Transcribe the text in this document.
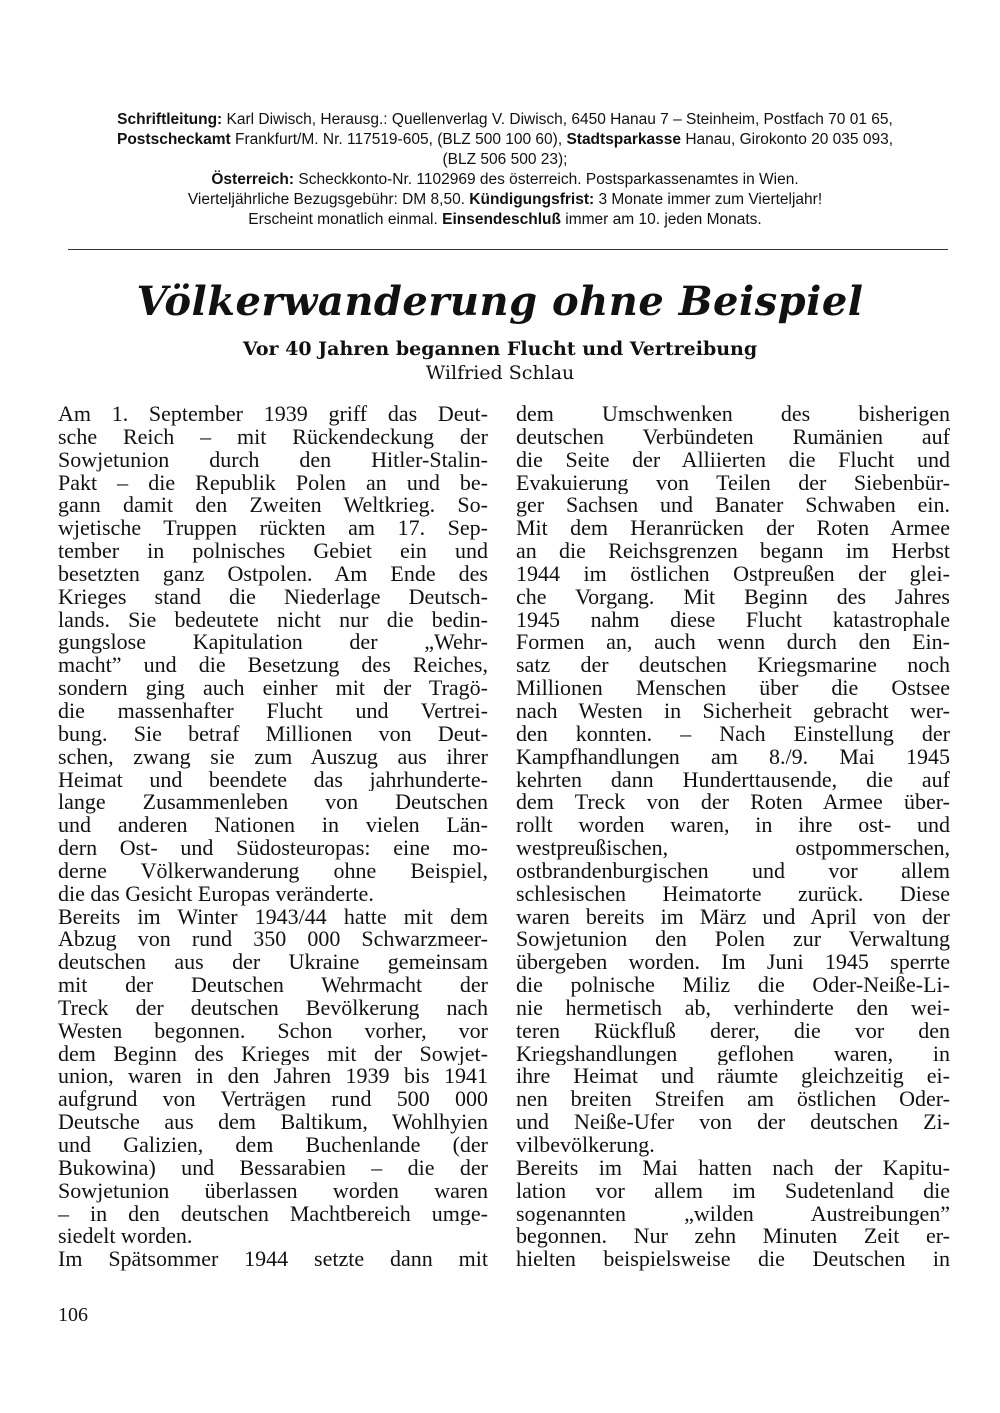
Schriftleitung: Karl Diwisch, Herausg.: Quellenverlag V. Diwisch, 6450 Hanau 7 – Steinheim, Postfach 70 01 65,
Postscheckamt Frankfurt/M. Nr. 117519-605, (BLZ 500 100 60), Stadtsparkasse Hanau, Girokonto 20 035 093,
(BLZ 506 500 23);
Österreich: Scheckkonto-Nr. 1102969 des österreich. Postsparkassenamtes in Wien.
Vierteljährliche Bezugsgebühr: DM 8,50. Kündigungsfrist: 3 Monate immer zum Vierteljahr!
Erscheint monatlich einmal. Einsendeschluß immer am 10. jeden Monats.
Völkerwanderung ohne Beispiel
Vor 40 Jahren begannen Flucht und Vertreibung
Wilfried Schlau
Am 1. September 1939 griff das Deut-
sche Reich – mit Rückendeckung der
Sowjetunion durch den Hitler-Stalin-
Pakt – die Republik Polen an und be-
gann damit den Zweiten Weltkrieg. So-
wjetische Truppen rückten am 17. Sep-
tember in polnisches Gebiet ein und
besetzten ganz Ostpolen. Am Ende des
Krieges stand die Niederlage Deutsch-
lands. Sie bedeutete nicht nur die bedin-
gungslose Kapitulation der „Wehr-
macht” und die Besetzung des Reiches,
sondern ging auch einher mit der Tragö-
die massenhafter Flucht und Vertrei-
bung. Sie betraf Millionen von Deut-
schen, zwang sie zum Auszug aus ihrer
Heimat und beendete das jahrhunderte-
lange Zusammenleben von Deutschen
und anderen Nationen in vielen Län-
dern Ost- und Südosteuropas: eine mo-
derne Völkerwanderung ohne Beispiel,
die das Gesicht Europas veränderte.
Bereits im Winter 1943/44 hatte mit dem
Abzug von rund 350 000 Schwarzmeer-
deutschen aus der Ukraine gemeinsam
mit der Deutschen Wehrmacht der
Treck der deutschen Bevölkerung nach
Westen begonnen. Schon vorher, vor
dem Beginn des Krieges mit der Sowjet-
union, waren in den Jahren 1939 bis 1941
aufgrund von Verträgen rund 500 000
Deutsche aus dem Baltikum, Wohlhyien
und Galizien, dem Buchenlande (der
Bukowina) und Bessarabien – die der
Sowjetunion überlassen worden waren
– in den deutschen Machtbereich umge-
siedelt worden.
Im Spätsommer 1944 setzte dann mit
dem Umschwenken des bisherigen
deutschen Verbündeten Rumänien auf
die Seite der Alliierten die Flucht und
Evakuierung von Teilen der Siebenbür-
ger Sachsen und Banater Schwaben ein.
Mit dem Heranrücken der Roten Armee
an die Reichsgrenzen begann im Herbst
1944 im östlichen Ostpreußen der glei-
che Vorgang. Mit Beginn des Jahres
1945 nahm diese Flucht katastrophale
Formen an, auch wenn durch den Ein-
satz der deutschen Kriegsmarine noch
Millionen Menschen über die Ostsee
nach Westen in Sicherheit gebracht wer-
den konnten. – Nach Einstellung der
Kampfhandlungen am 8./9. Mai 1945
kehrten dann Hunderttausende, die auf
dem Treck von der Roten Armee über-
rollt worden waren, in ihre ost- und
westpreußischen, ostpommerschen,
ostbrandenburgischen und vor allem
schlesischen Heimatorte zurück. Diese
waren bereits im März und April von der
Sowjetunion den Polen zur Verwaltung
übergeben worden. Im Juni 1945 sperrte
die polnische Miliz die Oder-Neiße-Li-
nie hermetisch ab, verhinderte den wei-
teren Rückfluß derer, die vor den
Kriegshandlungen geflohen waren, in
ihre Heimat und räumte gleichzeitig ei-
nen breiten Streifen am östlichen Oder-
und Neiße-Ufer von der deutschen Zi-
vilbevölkerung.
Bereits im Mai hatten nach der Kapitu-
lation vor allem im Sudetenland die
sogenannten „wilden Austreibungen”
begonnen. Nur zehn Minuten Zeit er-
hielten beispielsweise die Deutschen in
106
